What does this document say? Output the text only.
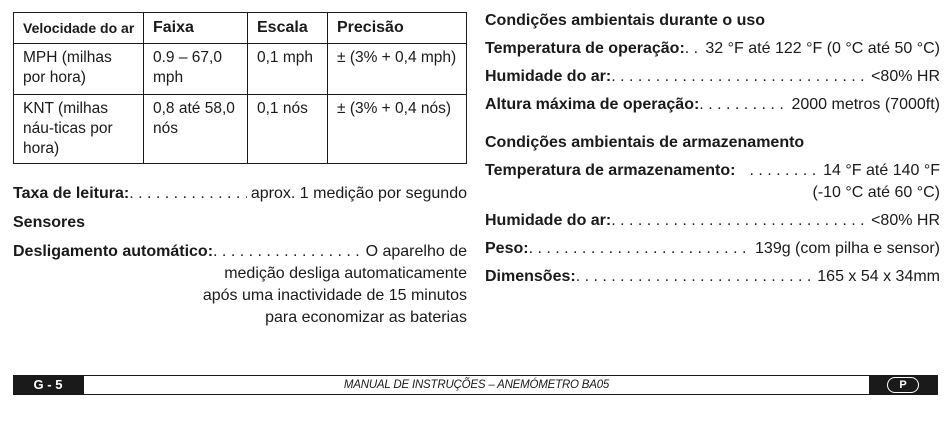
Velocidade do ar	Faixa	Escala	Precisão
MPH (milhas por hora)	0.9 – 67,0 mph	0,1 mph	± (3% + 0,4 mph)
KNT (milhas náu-ticas por hora)	0,8 até 58,0 nós	0,1 nós	± (3% + 0,4 nós)
Taxa de leitura: . . .	aprox. 1 medição por segundo
Sensores
Desligamento automático: . . .	O aparelho de
medição desliga automaticamente
após uma inactividade de 15 minutos
para economizar as baterias
Condições ambientais durante o uso
Temperatura de operação: . . . 32 °F até 122 °F (0 °C até 50 °C)
Humidade do ar: . . .	<80% HR
Altura máxima de operação: . . .	2000 metros (7000ft)
Condições ambientais de armazenamento
Temperatura de armazenamento: . . .	14 °F até 140 °F
(-10 °C até 60 °C)
Humidade do ar: . . .	<80% HR
Peso: . . .	139g (com pilha e sensor)
Dimensões: . . .	165 x 54 x 34mm
G - 5	MANUAL DE INSTRUÇÕES – ANEMÓMETRO BA05	P
